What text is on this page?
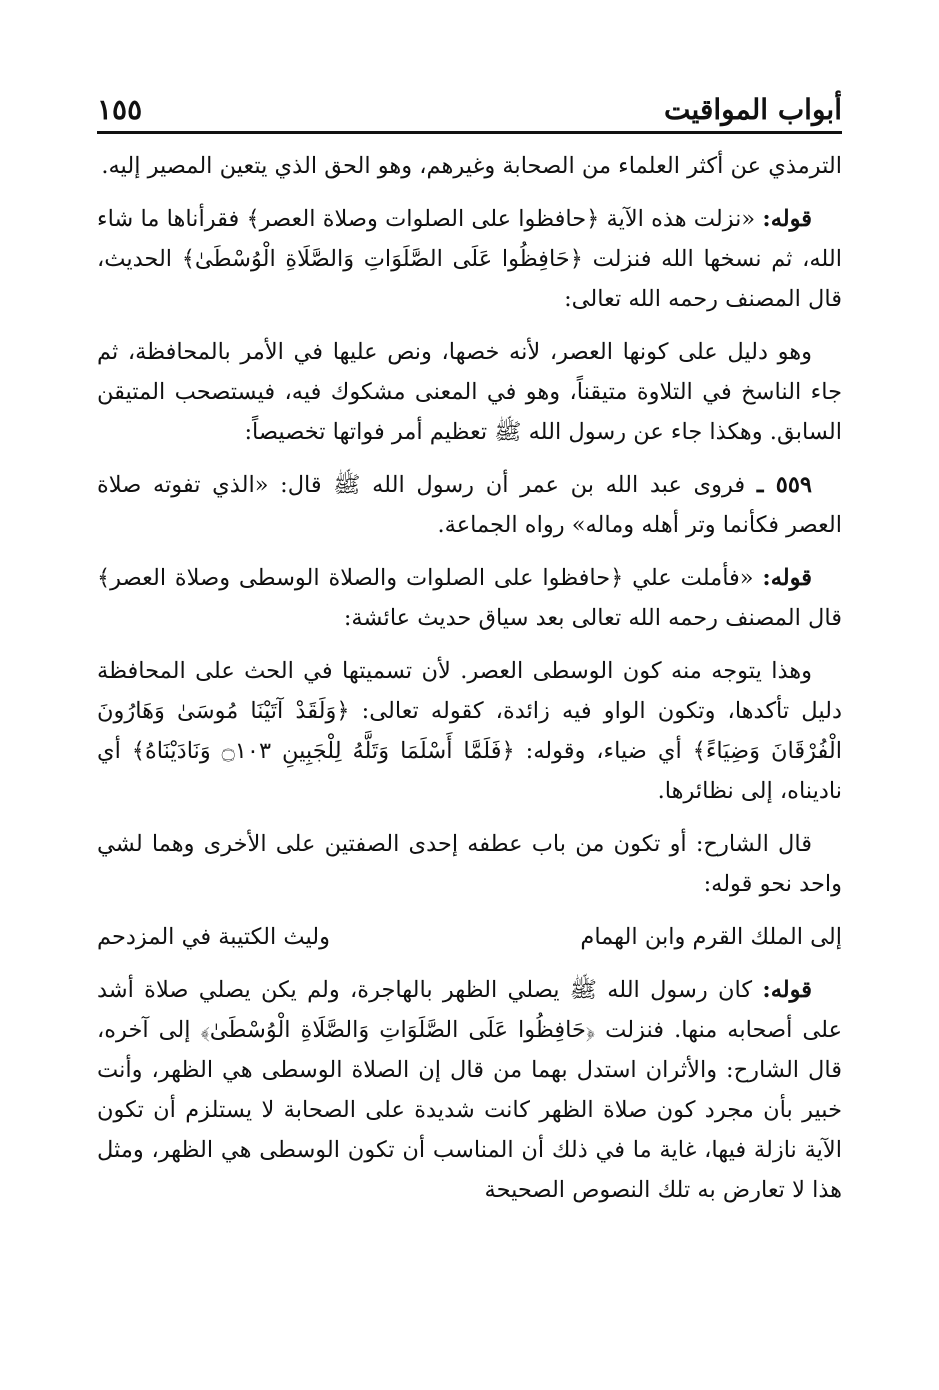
أبواب المواقيت
١٥٥

الترمذي عن أكثر العلماء من الصحابة وغيرهم، وهو الحق الذي يتعين المصير إليه.

قوله: «نزلت هذه الآية ﴿حافظوا على الصلوات وصلاة العصر﴾ فقرأناها ما شاء الله، ثم نسخها الله فنزلت ﴿حَافِظُوا عَلَى الصَّلَوَاتِ وَالصَّلَاةِ الْوُسْطَىٰ﴾ الحديث، قال المصنف رحمه الله تعالى:

وهو دليل على كونها العصر، لأنه خصها، ونص عليها في الأمر بالمحافظة، ثم جاء الناسخ في التلاوة متيقناً، وهو في المعنى مشكوك فيه، فيستصحب المتيقن السابق. وهكذا جاء عن رسول الله ﷺ تعظيم أمر فواتها تخصيصاً:

٥٥٩ ـ فروى عبد الله بن عمر أن رسول الله ﷺ قال: «الذي تفوته صلاة العصر فكأنما وتر أهله وماله» رواه الجماعة.

قوله: «فأملت علي ﴿حافظوا على الصلوات والصلاة الوسطى وصلاة العصر﴾ قال المصنف رحمه الله تعالى بعد سياق حديث عائشة:

وهذا يتوجه منه كون الوسطى العصر. لأن تسميتها في الحث على المحافظة دليل تأكدها، وتكون الواو فيه زائدة، كقوله تعالى: ﴿وَلَقَدْ آتَيْنَا مُوسَىٰ وَهَارُونَ الْفُرْقَانَ وَضِيَاءً﴾ أي ضياء، وقوله: ﴿فَلَمَّا أَسْلَمَا وَتَلَّهُ لِلْجَبِينِ ۝١٠٣ وَنَادَيْنَاهُ﴾ أي ناديناه، إلى نظائرها.

قال الشارح: أو تكون من باب عطفه إحدى الصفتين على الأخرى وهما لشي واحد نحو قوله:

إلى الملك القرم وابن الهمام
وليث الكتيبة في المزدحم

قوله: كان رسول الله ﷺ يصلي الظهر بالهاجرة، ولم يكن يصلي صلاة أشد على أصحابه منها. فنزلت ﴿حَافِظُوا عَلَى الصَّلَوَاتِ وَالصَّلَاةِ الْوُسْطَىٰ﴾ إلى آخره، قال الشارح: والأثران استدل بهما من قال إن الصلاة الوسطى هي الظهر، وأنت خبير بأن مجرد كون صلاة الظهر كانت شديدة على الصحابة لا يستلزم أن تكون الآية نازلة فيها، غاية ما في ذلك أن المناسب أن تكون الوسطى هي الظهر، ومثل هذا لا تعارض به تلك النصوص الصحيحة
